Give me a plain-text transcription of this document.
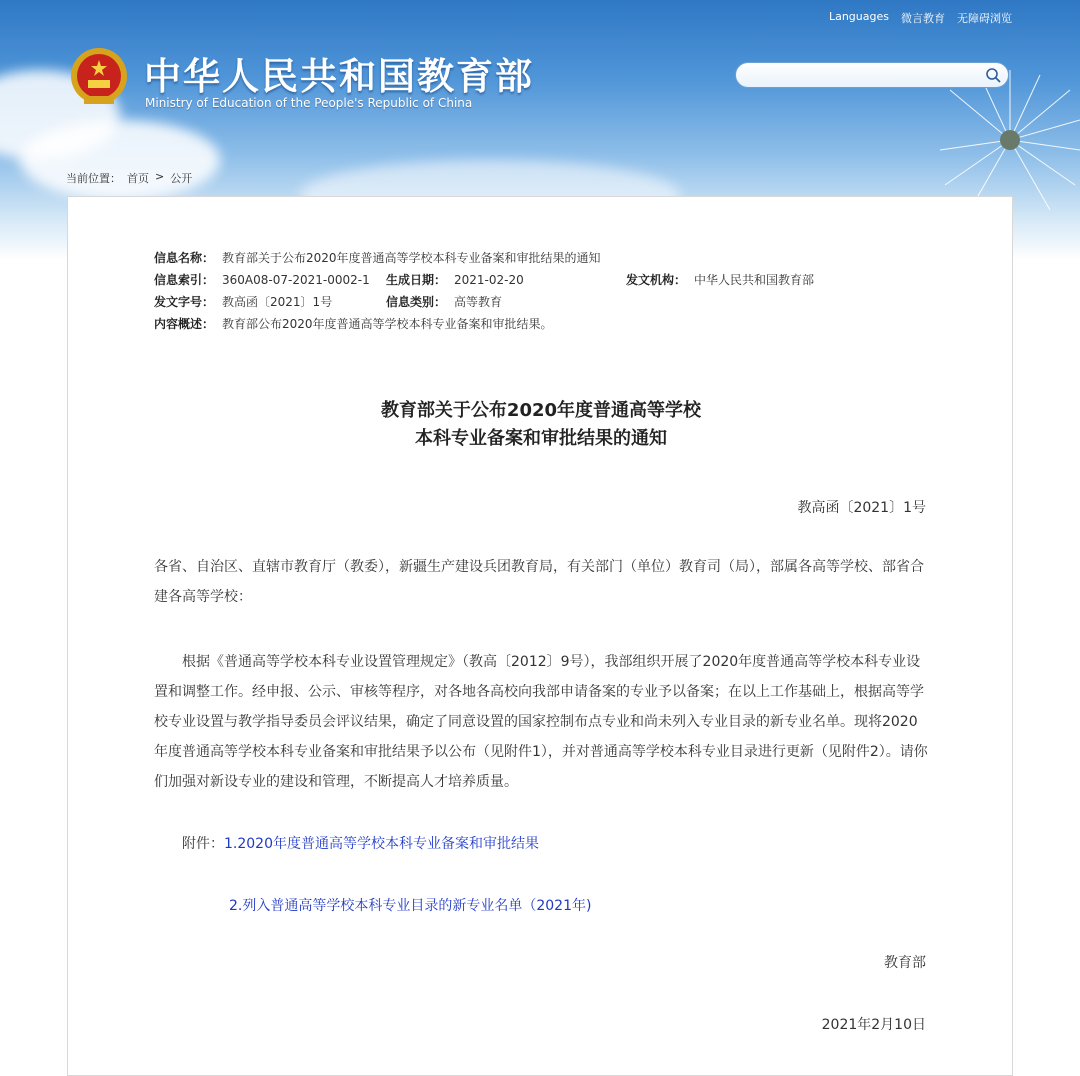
Languages 微言教育 无障碍浏览
中华人民共和国教育部
Ministry of Education of the People's Republic of China
当前位置： 首页 > 公开
信息名称： 教育部关于公布2020年度普通高等学校本科专业备案和审批结果的通知
信息索引： 360A08-07-2021-0002-1 生成日期： 2021-02-20	发文机构： 中华人民共和国教育部
发文字号： 教高函〔2021〕1号	信息类别： 高等教育
内容概述： 教育部公布2020年度普通高等学校本科专业备案和审批结果。
教育部关于公布2020年度普通高等学校
本科专业备案和审批结果的通知
教高函〔2021〕1号
各省、自治区、直辖市教育厅（教委），新疆生产建设兵团教育局，有关部门（单位）教育司（局），部属各高等学校、部省合建各高等学校：
根据《普通高等学校本科专业设置管理规定》（教高〔2012〕9号），我部组织开展了2020年度普通高等学校本科专业设置和调整工作。经申报、公示、审核等程序，对各地各高校向我部申请备案的专业予以备案；在以上工作基础上，根据高等学校专业设置与教学指导委员会评议结果，确定了同意设置的国家控制布点专业和尚未列入专业目录的新专业名单。现将2020年度普通高等学校本科专业备案和审批结果予以公布（见附件1），并对普通高等学校本科专业目录进行更新（见附件2）。请你们加强对新设专业的建设和管理，不断提高人才培养质量。
附件：1.2020年度普通高等学校本科专业备案和审批结果
2.列入普通高等学校本科专业目录的新专业名单（2021年)
教育部
2021年2月10日
